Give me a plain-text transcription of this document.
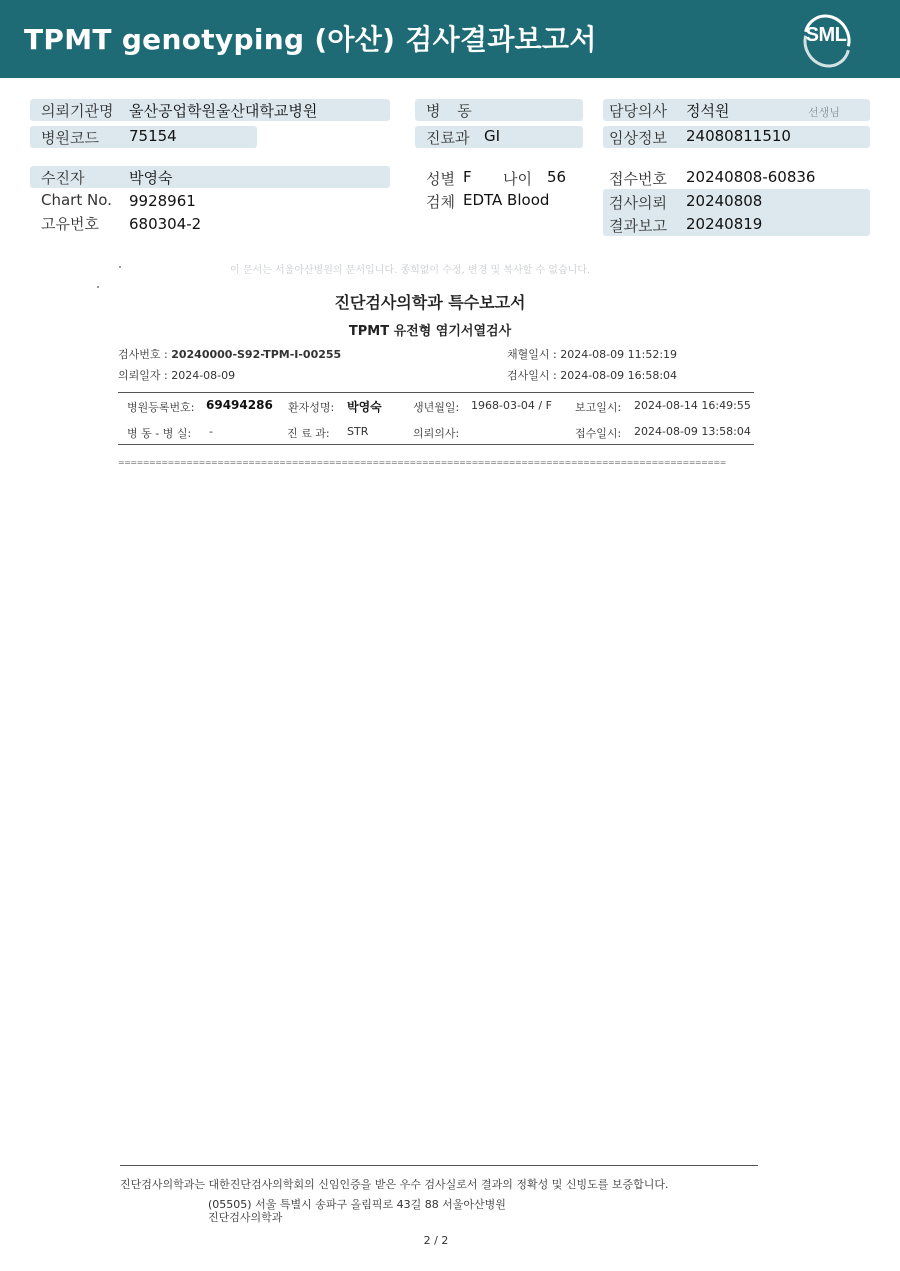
TPMT genotyping (아산) 검사결과보고서	SML
의뢰기관명 울산공업학원울산대학교병원	병 동	담당의사 정석원	선생님
병원코드 75154	진료과 GI	임상정보 24080811510
수진자	박영숙	성별 F 나이 56	접수번호 20240808-60836
Chart No. 9928961	검체 EDTA Blood	검사의뢰 20240808
고유번호 680304-2	결과보고 20240819
이 문서는 서울아산병원의 문서입니다. 종희없이 수정, 변경 및 복사할 수 없습니다.
진단검사의학과 특수보고서
TPMT 유전형 염기서열검사
검사번호 : 20240000-S92-TPM-I-00255	채혈일시 : 2024-08-09 11:52:19
의뢰일자 : 2024-08-09	검사일시 : 2024-08-09 16:58:04
병원등록번호: 69494286 환자성명: 박영숙	생년월일: 1968-03-04 / F 보고일시: 2024-08-14 16:49:55
병 동 - 병 실: -	진 료 과: STR	의뢰의사:	접수일시: 2024-08-09 13:58:04
==================================================================================================
진단검사의학과는 대한진단검사의학회의 신임인증을 받은 우수 검사실로서 결과의 정확성 및 신빙도를 보증합니다.
(05505) 서울 특별시 송파구 올림픽로 43길 88 서울아산병원
진단검사의학과
2 / 2
